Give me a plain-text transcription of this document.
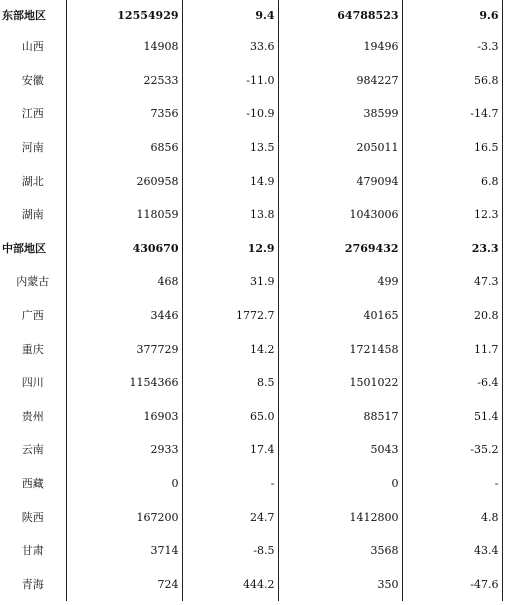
东部地区	12554929	9.4	64788523	9.6
山西	14908	33.6	19496	-3.3
安徽	22533	-11.0	984227	56.8
江西	7356	-10.9	38599	-14.7
河南	6856	13.5	205011	16.5
湖北	260958	14.9	479094	6.8
湖南	118059	13.8	1043006	12.3
中部地区	430670	12.9	2769432	23.3
内蒙古	468	31.9	499	47.3
广西	3446	1772.7	40165	20.8
重庆	377729	14.2	1721458	11.7
四川	1154366	8.5	1501022	-6.4
贵州	16903	65.0	88517	51.4
云南	2933	17.4	5043	-35.2
西藏	0	-	0	-
陕西	167200	24.7	1412800	4.8
甘肃	3714	-8.5	3568	43.4
青海	724	444.2	350	-47.6
